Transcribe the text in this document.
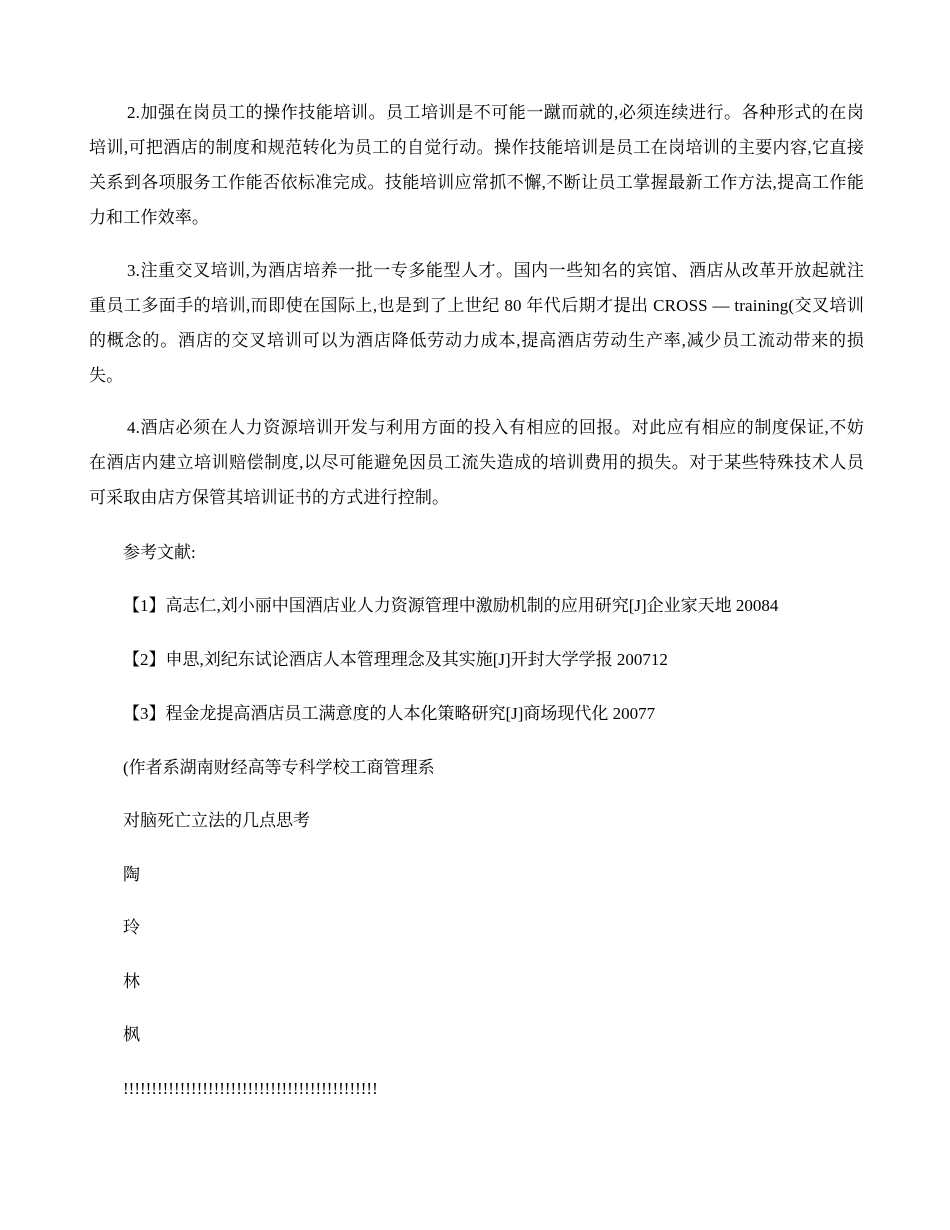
2.加强在岗员工的操作技能培训。员工培训是不可能一蹴而就的,必须连续进行。各种形式的在岗培训,可把酒店的制度和规范转化为员工的自觉行动。操作技能培训是员工在岗培训的主要内容,它直接关系到各项服务工作能否依标准完成。技能培训应常抓不懈,不断让员工掌握最新工作方法,提高工作能力和工作效率。

3.注重交叉培训,为酒店培养一批一专多能型人才。国内一些知名的宾馆、酒店从改革开放起就注重员工多面手的培训,而即使在国际上,也是到了上世纪 80 年代后期才提出 CROSS — training(交叉培训的概念的。酒店的交叉培训可以为酒店降低劳动力成本,提高酒店劳动生产率,减少员工流动带来的损失。

4.酒店必须在人力资源培训开发与利用方面的投入有相应的回报。对此应有相应的制度保证,不妨在酒店内建立培训赔偿制度,以尽可能避免因员工流失造成的培训费用的损失。对于某些特殊技术人员可采取由店方保管其培训证书的方式进行控制。

参考文献:

【1】高志仁,刘小丽中国酒店业人力资源管理中激励机制的应用研究[J]企业家天地 20084

【2】申思,刘纪东试论酒店人本管理理念及其实施[J]开封大学学报 200712

【3】程金龙提高酒店员工满意度的人本化策略研究[J]商场现代化 20077

(作者系湖南财经高等专科学校工商管理系

对脑死亡立法的几点思考

陶

玲

林

枫

!!!!!!!!!!!!!!!!!!!!!!!!!!!!!!!!!!!!!!!!!!!!!
